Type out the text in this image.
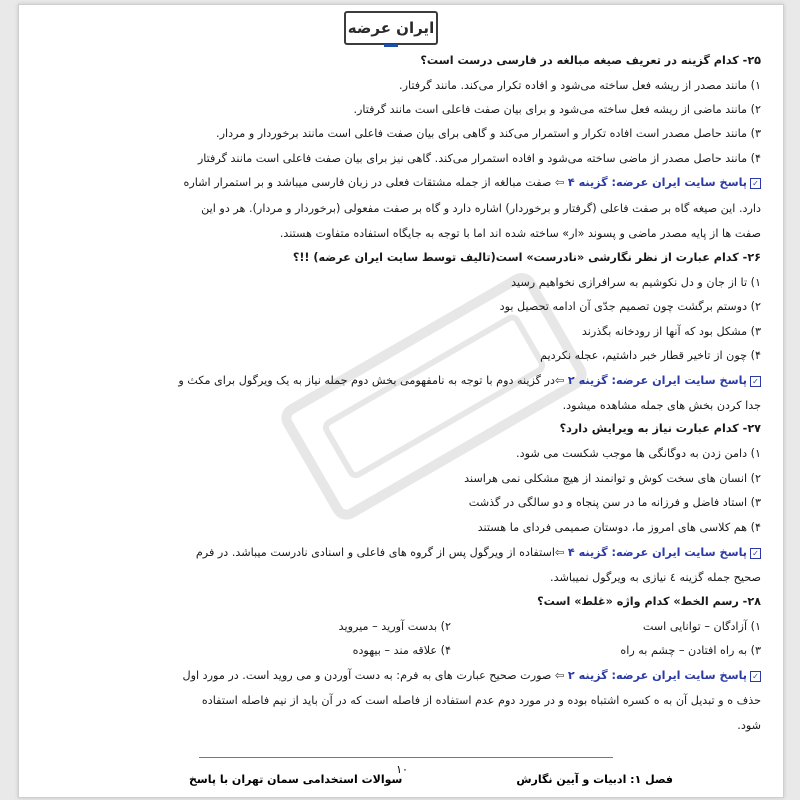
ایران عرضه
۲۵- کدام گزینه در تعریف صیغه مبالغه در فارسی درست است؟
۱) مانند مصدر از ریشه فعل ساخته می‌شود و افاده تکرار می‌کند. مانند گرفتار.
۲) مانند ماضی از ریشه فعل ساخته می‌شود و برای بیان صفت فاعلی است مانند گرفتار.
۳) مانند حاصل مصدر است افاده تکرار و استمرار می‌کند و گاهی برای بیان صفت فاعلی است مانند برخوردار و مردار.
۴) مانند حاصل مصدر از ماضی ساخته می‌شود و افاده استمرار می‌کند. گاهی نیز برای بیان صفت فاعلی است مانند گرفتار
✓پاسخ سایت ایران عرضه: گزینه ۴ ⇦ صفت مبالغه از جمله مشتقات فعلی در زبان فارسی میباشد و بر استمرار اشاره
دارد. این صیغه گاه بر صفت فاعلی (گرفتار و برخوردار) اشاره دارد و گاه بر صفت مفعولی (برخوردار و مردار). هر دو این
صفت ها از پایه مصدر ماضی و پسوند «ار» ساخته شده اند اما با توجه به جایگاه استفاده متفاوت هستند.
۲۶- کدام عبارت از نظر نگارشی «نادرست» است(تالیف توسط سایت ایران عرضه) !!؟
۱) تا از جان و دل نکوشیم به سرافرازی نخواهیم رسید
۲) دوستم برگشت چون تصمیم جدّی آن ادامه تحصیل بود
۳) مشکل بود که آنها از رودخانه بگذرند
۴) چون از تاخیر قطار خبر داشتیم، عجله نکردیم
✓پاسخ سایت ایران عرضه: گزینه ۲ ⇦در گزینه دوم با توجه به نامفهومی بخش دوم جمله نیاز به یک ویرگول برای مکث و
جدا کردن بخش های جمله مشاهده میشود.
۲۷- کدام عبارت نیاز به ویرایش دارد؟
۱) دامن زدن به دوگانگی ها موجب شکست می شود.
۲) انسان های سخت کوش و توانمند از هیچ مشکلی نمی هراسند
۳) استاد فاضل و فرزانه ما در سن پنجاه و دو سالگی در گذشت
۴) هم کلاسی های امروز ما، دوستان صمیمی فردای ما هستند
✓پاسخ سایت ایران عرضه: گزینه ۴ ⇦استفاده از ویرگول پس از گروه های فاعلی و اسنادی نادرست میباشد. در فرم
صحیح جمله گزینه ٤ نیازی به ویرگول نمیباشد.
۲۸- رسم الخط» کدام واژه «غلط» است؟
۱) آزادگان – توانایی است
۲) بدست آورید – میروید
۳) به راه افتادن – چشم به راه
۴) علاقه مند – بیهوده
✓پاسخ سایت ایران عرضه: گزینه ۲ ⇦ صورت صحیح عبارت های به فرم: به دست آوردن و می روید است. در مورد اول
حذف ه و تبدیل آن به ه کسره اشتباه بوده و در مورد دوم عدم استفاده از فاصله است که در آن باید از نیم فاصله استفاده
شود.
۱۰
سوالات استخدامی سمان تهران با پاسخ	فصل ۱: ادبیات و آیین نگارش
